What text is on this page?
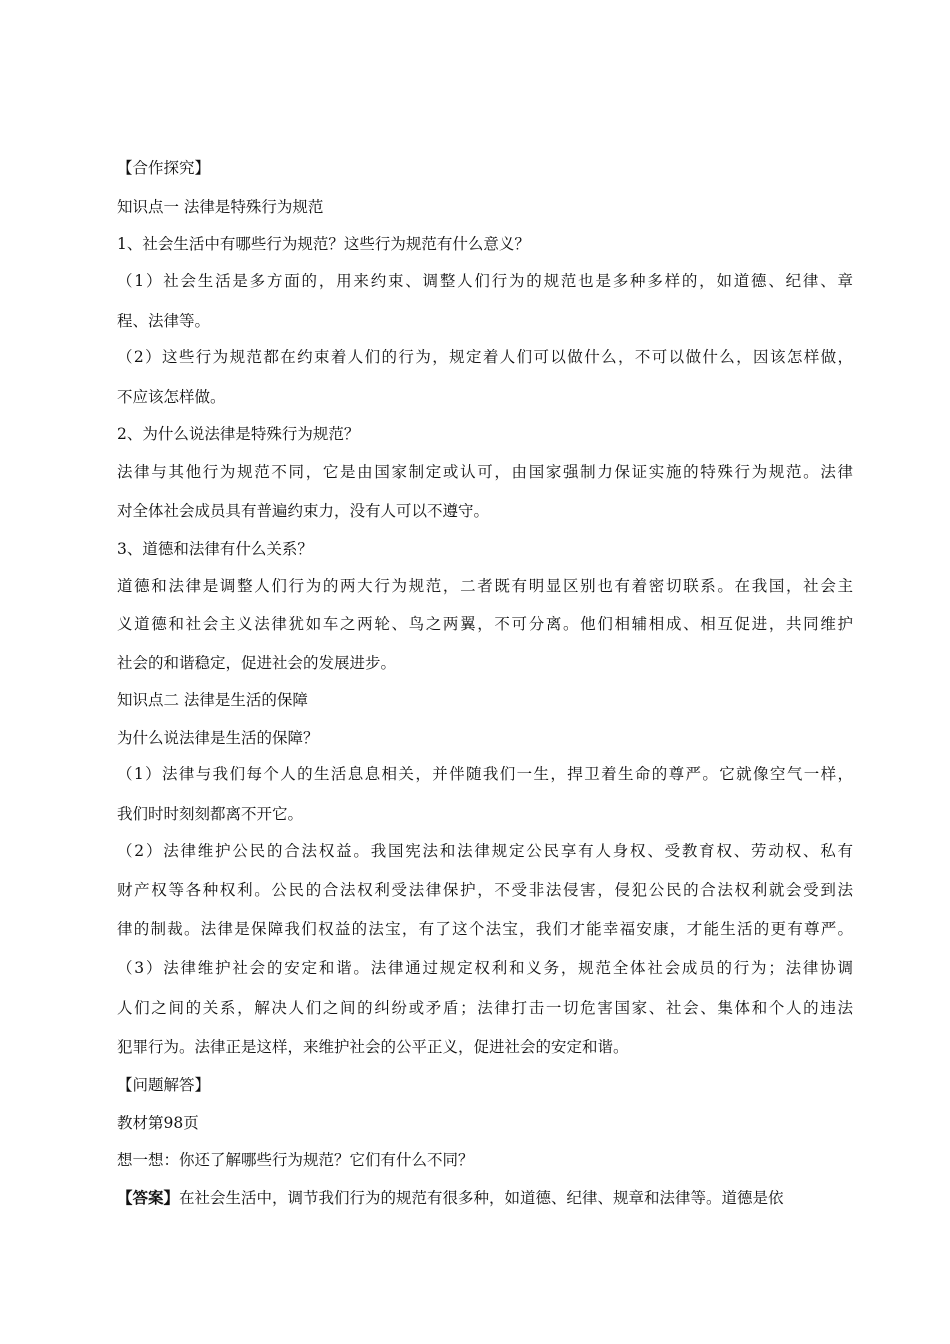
【合作探究】
知识点一 法律是特殊行为规范
1、社会生活中有哪些行为规范？这些行为规范有什么意义？
（1）社会生活是多方面的，用来约束、调整人们行为的规范也是多种多样的，如道德、纪律、章
程、法律等。
（2）这些行为规范都在约束着人们的行为，规定着人们可以做什么，不可以做什么，因该怎样做，
不应该怎样做。
2、为什么说法律是特殊行为规范？
法律与其他行为规范不同，它是由国家制定或认可，由国家强制力保证实施的特殊行为规范。法律
对全体社会成员具有普遍约束力，没有人可以不遵守。
3、道德和法律有什么关系？
道德和法律是调整人们行为的两大行为规范，二者既有明显区别也有着密切联系。在我国，社会主
义道德和社会主义法律犹如车之两轮、鸟之两翼，不可分离。他们相辅相成、相互促进，共同维护
社会的和谐稳定，促进社会的发展进步。
知识点二 法律是生活的保障
为什么说法律是生活的保障？
（1）法律与我们每个人的生活息息相关，并伴随我们一生，捍卫着生命的尊严。它就像空气一样，
我们时时刻刻都离不开它。
（2）法律维护公民的合法权益。我国宪法和法律规定公民享有人身权、受教育权、劳动权、私有
财产权等各种权利。公民的合法权利受法律保护，不受非法侵害，侵犯公民的合法权利就会受到法
律的制裁。法律是保障我们权益的法宝，有了这个法宝，我们才能幸福安康，才能生活的更有尊严。
（3）法律维护社会的安定和谐。法律通过规定权利和义务，规范全体社会成员的行为；法律协调
人们之间的关系，解决人们之间的纠纷或矛盾；法律打击一切危害国家、社会、集体和个人的违法
犯罪行为。法律正是这样，来维护社会的公平正义，促进社会的安定和谐。
【问题解答】
教材第98页
想一想：你还了解哪些行为规范？它们有什么不同？
【答案】在社会生活中，调节我们行为的规范有很多种，如道德、纪律、规章和法律等。道德是依
